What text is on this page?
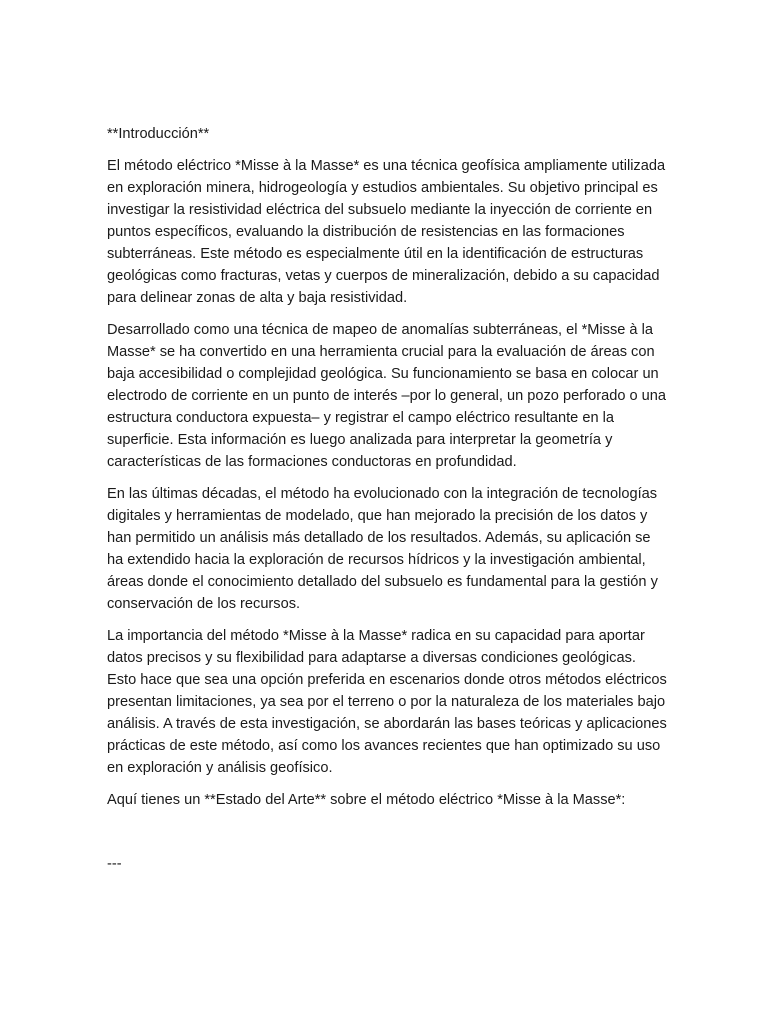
**Introducción**

El método eléctrico *Misse à la Masse* es una técnica geofísica ampliamente utilizada en exploración minera, hidrogeología y estudios ambientales. Su objetivo principal es investigar la resistividad eléctrica del subsuelo mediante la inyección de corriente en puntos específicos, evaluando la distribución de resistencias en las formaciones subterráneas. Este método es especialmente útil en la identificación de estructuras geológicas como fracturas, vetas y cuerpos de mineralización, debido a su capacidad para delinear zonas de alta y baja resistividad.

Desarrollado como una técnica de mapeo de anomalías subterráneas, el *Misse à la Masse* se ha convertido en una herramienta crucial para la evaluación de áreas con baja accesibilidad o complejidad geológica. Su funcionamiento se basa en colocar un electrodo de corriente en un punto de interés –por lo general, un pozo perforado o una estructura conductora expuesta– y registrar el campo eléctrico resultante en la superficie. Esta información es luego analizada para interpretar la geometría y características de las formaciones conductoras en profundidad.

En las últimas décadas, el método ha evolucionado con la integración de tecnologías digitales y herramientas de modelado, que han mejorado la precisión de los datos y han permitido un análisis más detallado de los resultados. Además, su aplicación se ha extendido hacia la exploración de recursos hídricos y la investigación ambiental, áreas donde el conocimiento detallado del subsuelo es fundamental para la gestión y conservación de los recursos.

La importancia del método *Misse à la Masse* radica en su capacidad para aportar datos precisos y su flexibilidad para adaptarse a diversas condiciones geológicas. Esto hace que sea una opción preferida en escenarios donde otros métodos eléctricos presentan limitaciones, ya sea por el terreno o por la naturaleza de los materiales bajo análisis. A través de esta investigación, se abordarán las bases teóricas y aplicaciones prácticas de este método, así como los avances recientes que han optimizado su uso en exploración y análisis geofísico.

Aquí tienes un **Estado del Arte** sobre el método eléctrico *Misse à la Masse*:

---
